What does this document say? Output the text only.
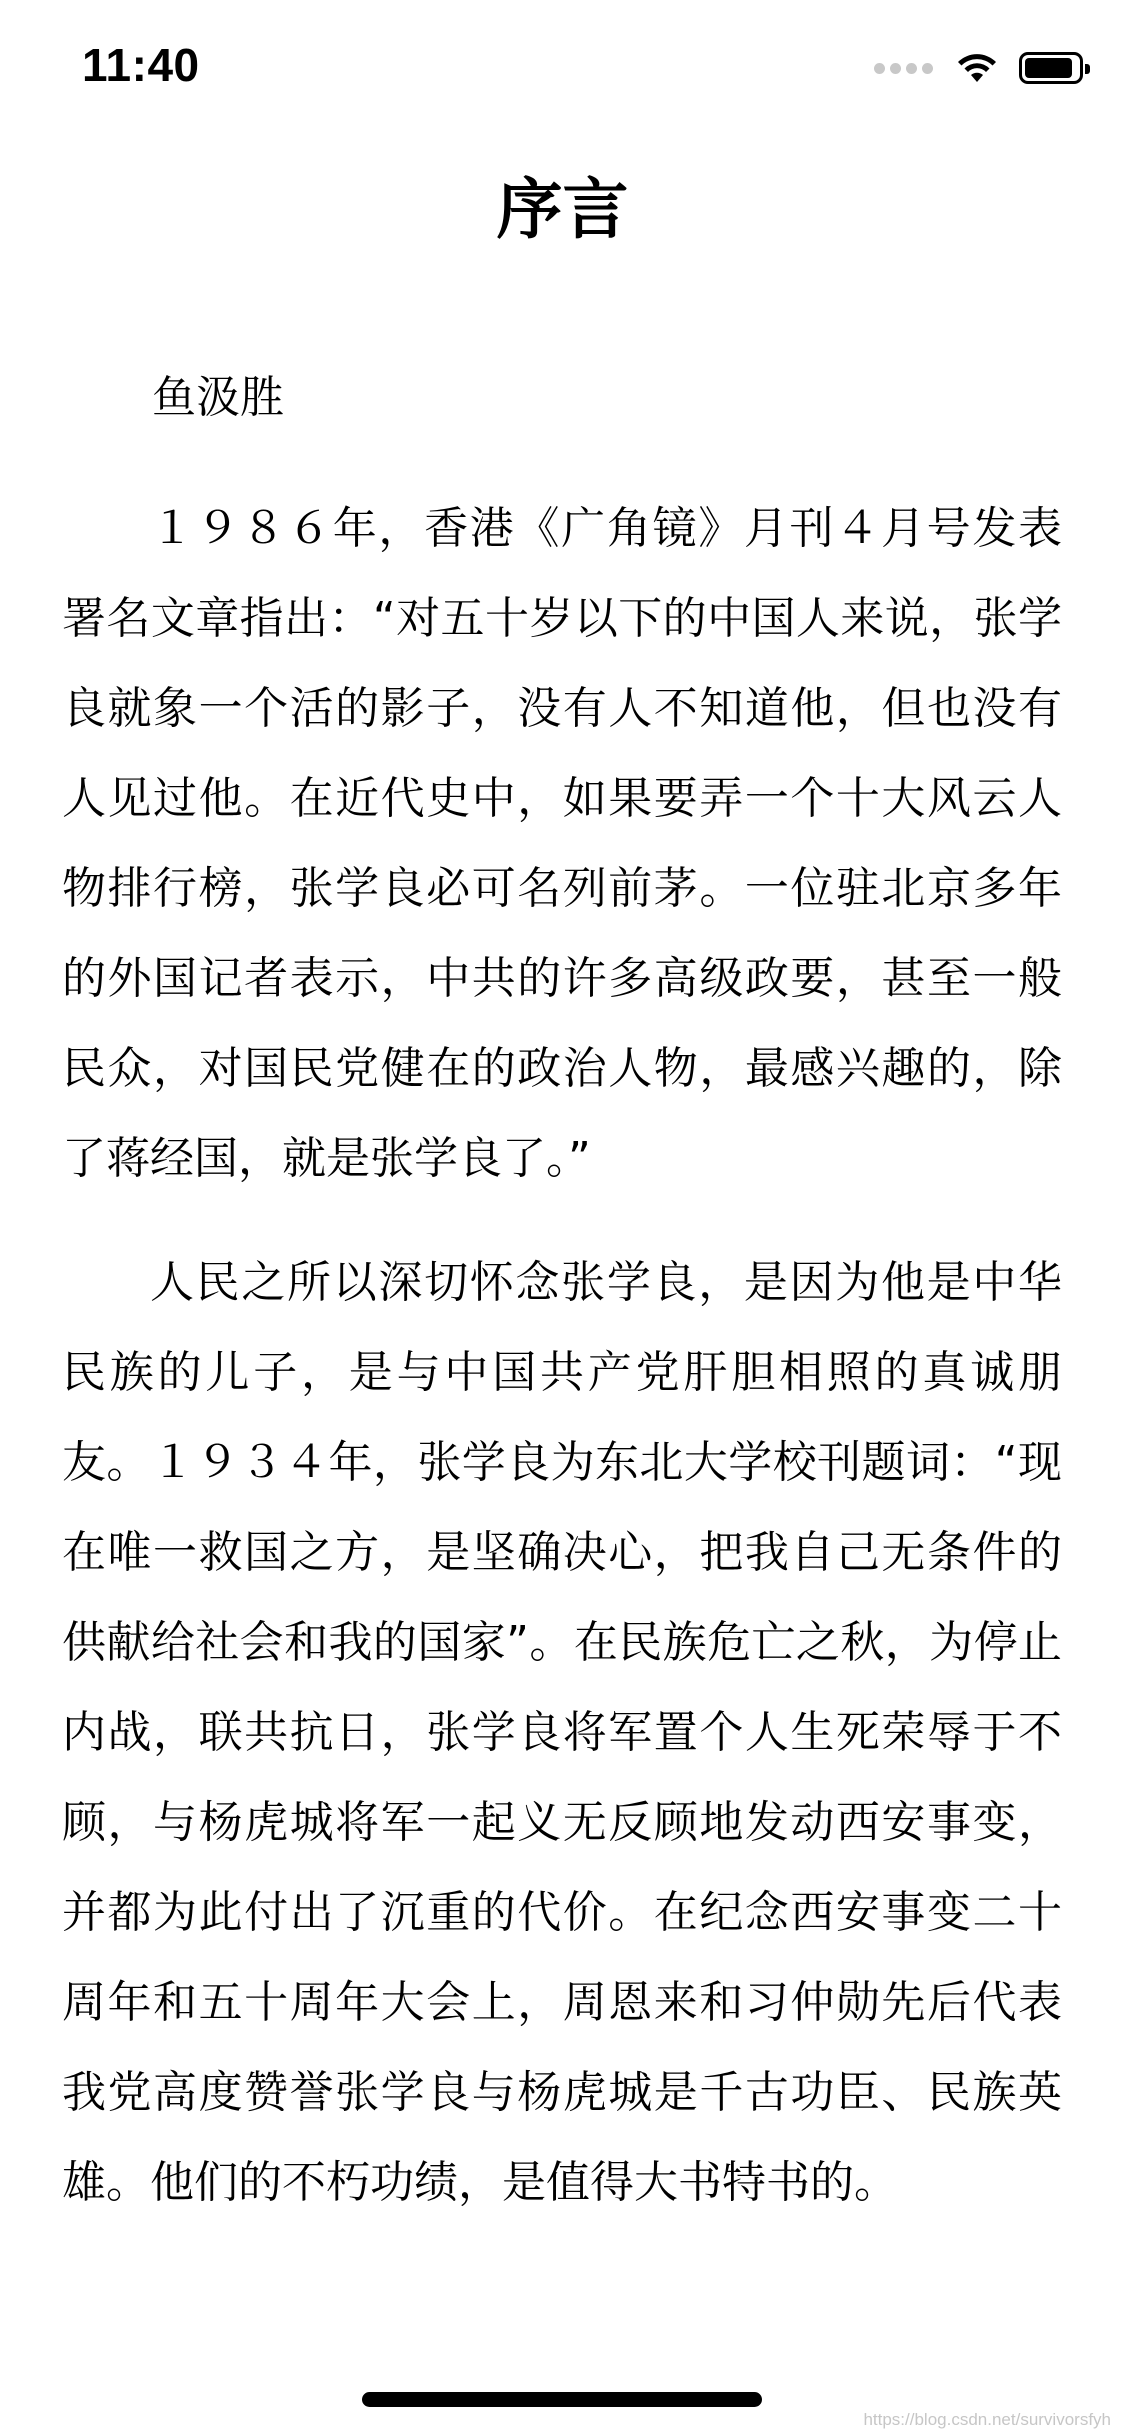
11:40
序言

鱼汲胜

１９８６年，香港《广角镜》月刊４月号发表署名文章指出：“对五十岁以下的中国人来说，张学良就象一个活的影子，没有人不知道他，但也没有人见过他。在近代史中，如果要弄一个十大风云人物排行榜，张学良必可名列前茅。一位驻北京多年的外国记者表示，中共的许多高级政要，甚至一般民众，对国民党健在的政治人物，最感兴趣的，除了蒋经国，就是张学良了。”

人民之所以深切怀念张学良，是因为他是中华民族的儿子，是与中国共产党肝胆相照的真诚朋友。１９３４年，张学良为东北大学校刊题词：“现在唯一救国之方，是坚确决心，把我自己无条件的供献给社会和我的国家”。在民族危亡之秋，为停止内战，联共抗日，张学良将军置个人生死荣辱于不顾，与杨虎城将军一起义无反顾地发动西安事变，并都为此付出了沉重的代价。在纪念西安事变二十周年和五十周年大会上，周恩来和习仲勋先后代表我党高度赞誉张学良与杨虎城是千古功臣、民族英雄。他们的不朽功绩，是值得大书特书的。

https://blog.csdn.net/survivorsfyh
